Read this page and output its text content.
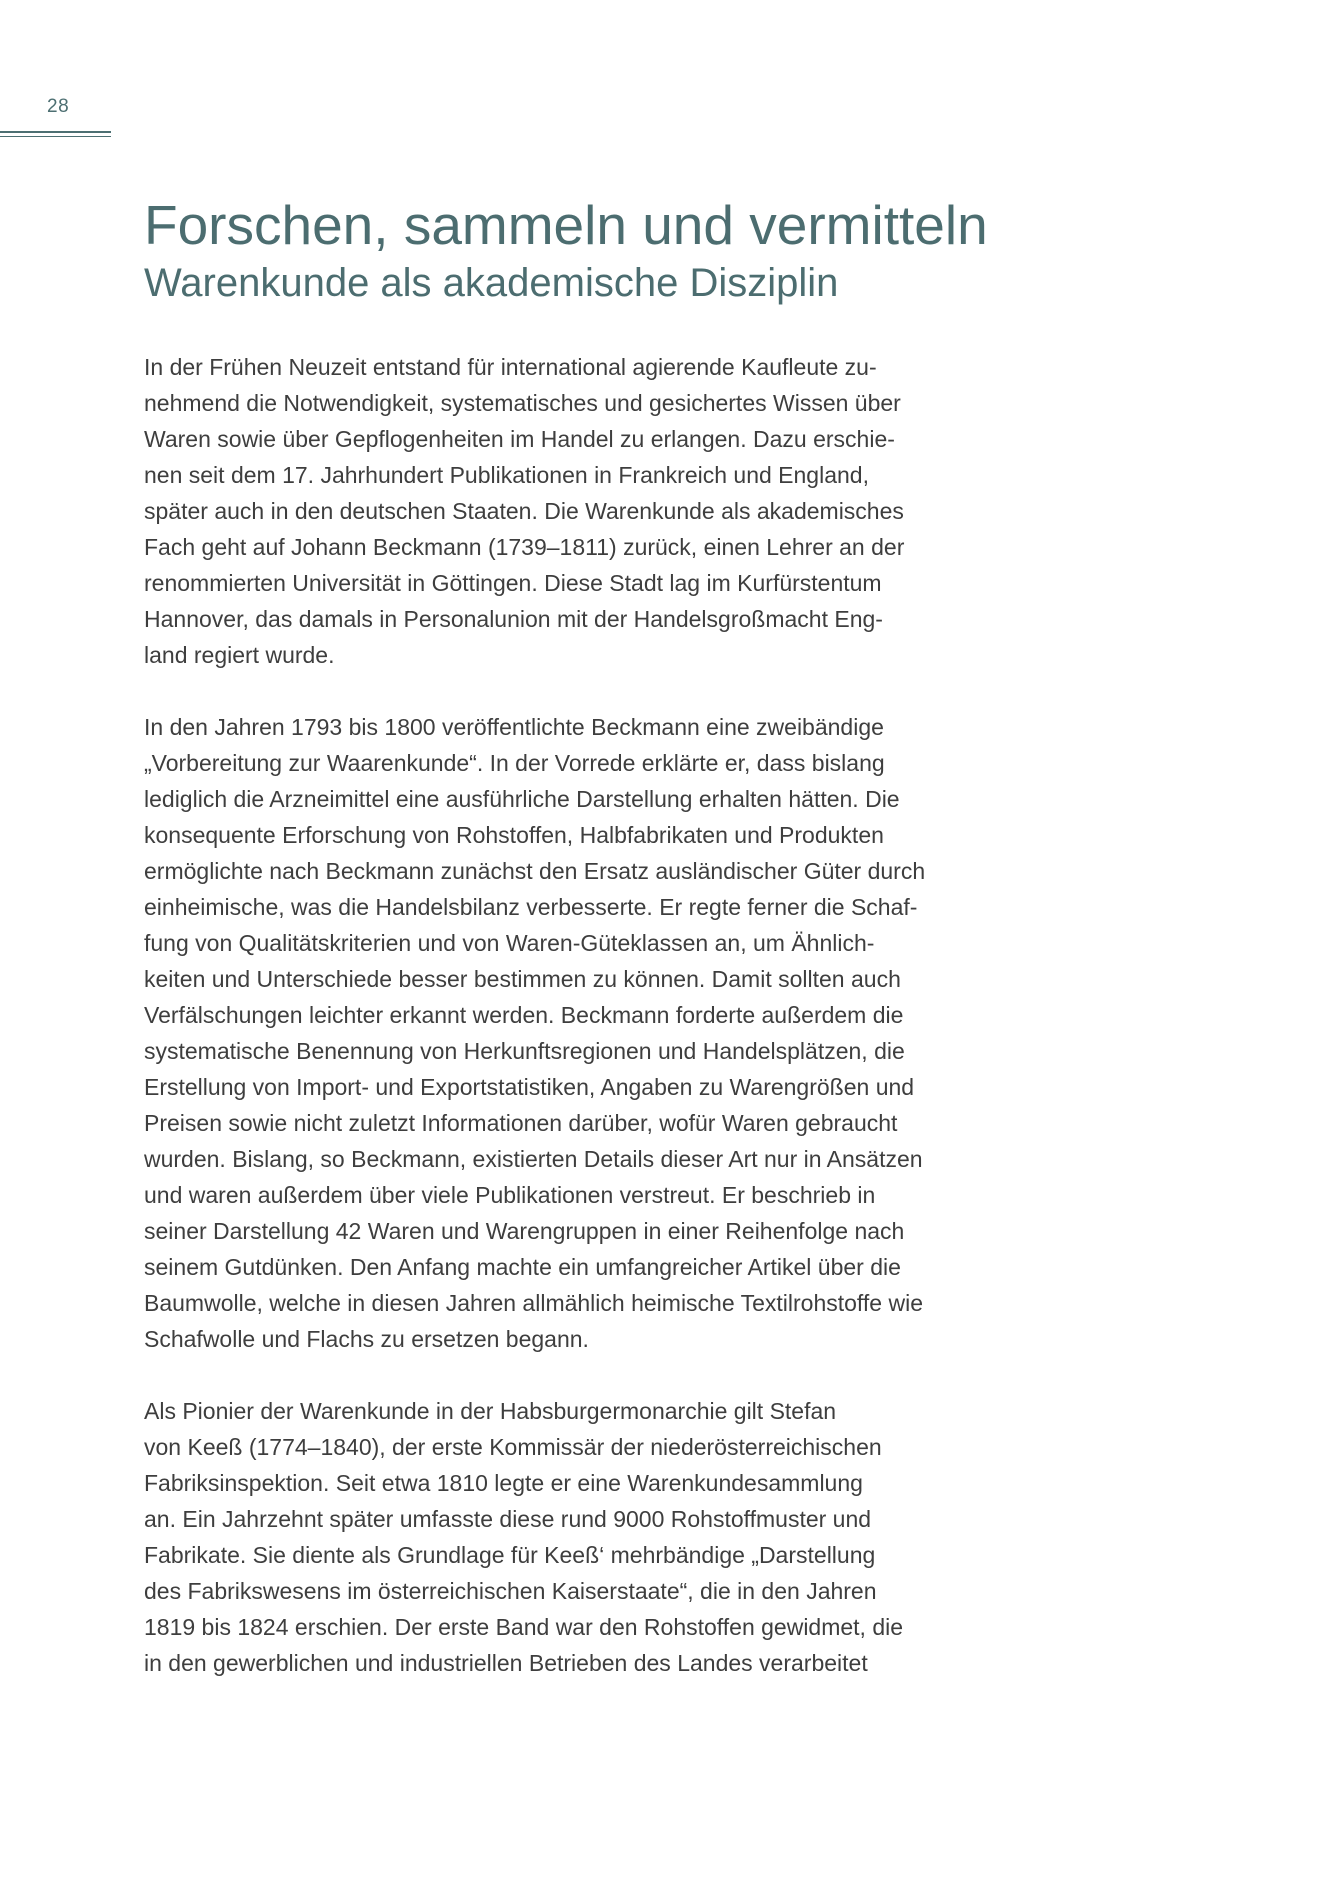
28
Forschen, sammeln und vermitteln
Warenkunde als akademische Disziplin

In der Frühen Neuzeit entstand für international agierende Kaufleute zu-
nehmend die Notwendigkeit, systematisches und gesichertes Wissen über
Waren sowie über Gepflogenheiten im Handel zu erlangen. Dazu erschie-
nen seit dem 17. Jahrhundert Publikationen in Frankreich und England,
später auch in den deutschen Staaten. Die Warenkunde als akademisches
Fach geht auf Johann Beckmann (1739–1811) zurück, einen Lehrer an der
renommierten Universität in Göttingen. Diese Stadt lag im Kurfürstentum
Hannover, das damals in Personalunion mit der Handelsgroßmacht Eng-
land regiert wurde.

In den Jahren 1793 bis 1800 veröffentlichte Beckmann eine zweibändige
„Vorbereitung zur Waarenkunde“. In der Vorrede erklärte er, dass bislang
lediglich die Arzneimittel eine ausführliche Darstellung erhalten hätten. Die
konsequente Erforschung von Rohstoffen, Halbfabrikaten und Produkten
ermöglichte nach Beckmann zunächst den Ersatz ausländischer Güter durch
einheimische, was die Handelsbilanz verbesserte. Er regte ferner die Schaf-
fung von Qualitätskriterien und von Waren-Güteklassen an, um Ähnlich-
keiten und Unterschiede besser bestimmen zu können. Damit sollten auch
Verfälschungen leichter erkannt werden. Beckmann forderte außerdem die
systematische Benennung von Herkunftsregionen und Handelsplätzen, die
Erstellung von Import- und Exportstatistiken, Angaben zu Warengrößen und
Preisen sowie nicht zuletzt Informationen darüber, wofür Waren gebraucht
wurden. Bislang, so Beckmann, existierten Details dieser Art nur in Ansätzen
und waren außerdem über viele Publikationen verstreut. Er beschrieb in
seiner Darstellung 42 Waren und Warengruppen in einer Reihenfolge nach
seinem Gutdünken. Den Anfang machte ein umfangreicher Artikel über die
Baumwolle, welche in diesen Jahren allmählich heimische Textilrohstoffe wie
Schafwolle und Flachs zu ersetzen begann.

Als Pionier der Warenkunde in der Habsburgermonarchie gilt Stefan
von Keeß (1774–1840), der erste Kommissär der niederösterreichischen
Fabriksinspektion. Seit etwa 1810 legte er eine Warenkundesammlung
an. Ein Jahrzehnt später umfasste diese rund 9000 Rohstoffmuster und
Fabrikate. Sie diente als Grundlage für Keeß‘ mehrbändige „Darstellung
des Fabrikswesens im österreichischen Kaiserstaate“, die in den Jahren
1819 bis 1824 erschien. Der erste Band war den Rohstoffen gewidmet, die
in den gewerblichen und industriellen Betrieben des Landes verarbeitet
